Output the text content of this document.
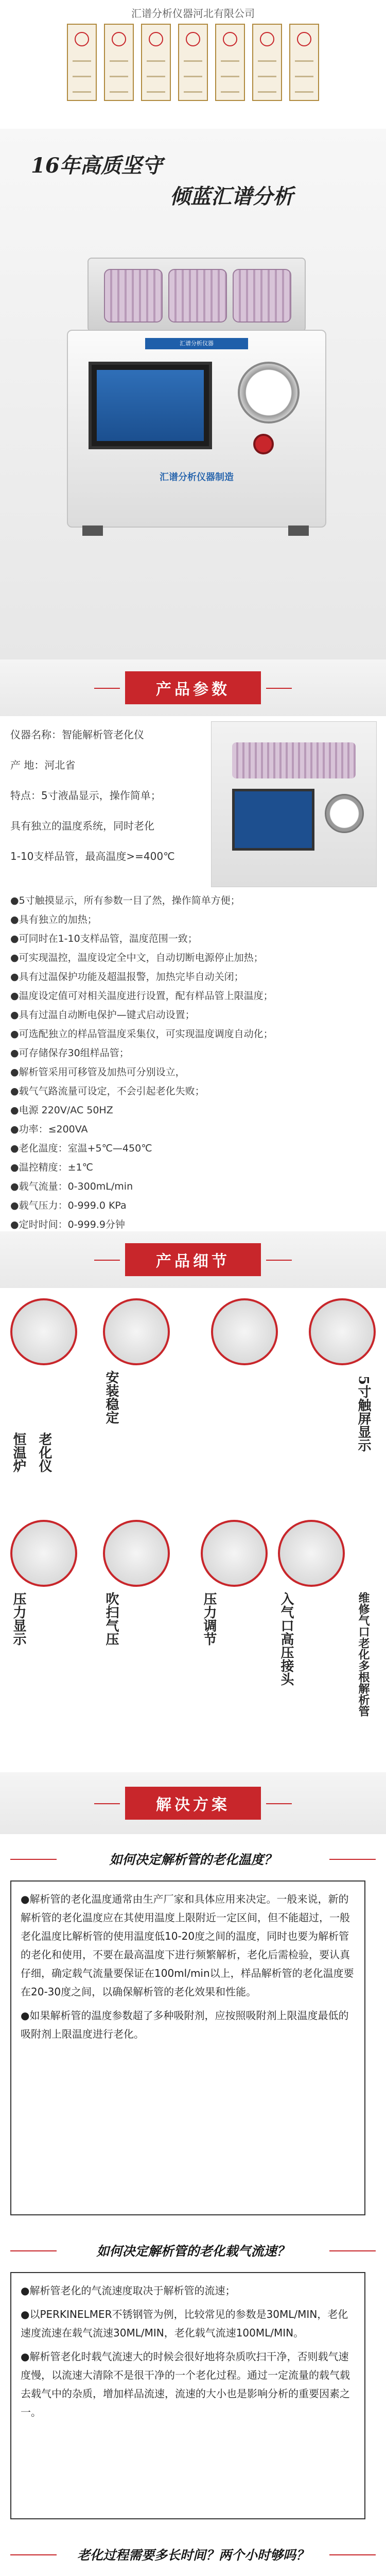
汇谱分析仪器河北有限公司
16年高质坚守
倾蓝汇谱分析
汇谱分析仪器
汇谱分析仪器制造
产品参数
仪器名称：智能解析管老化仪
产 地：河北省
特点：5寸液晶显示，操作简单；
具有独立的温度系统，同时老化
1-10支样品管，最高温度>=400℃
●5寸触摸显示，所有参数一目了然，操作简单方便；
●具有独立的加热；
●可同时在1-10支样品管，温度范围一致；
●可实现温控，温度设定全中文，自动切断电源停止加热；
●具有过温保护功能及超温报警，加热完毕自动关闭；
●温度设定值可对相关温度进行设置，配有样品管上限温度；
●具有过温自动断电保护—键式启动设置；
●可选配独立的样品管温度采集仪，可实现温度调度自动化；
●可存储保存30组样品管；
●解析管采用可移管及加热可分别设立，
●载气气路流量可设定，不会引起老化失败；
●电源 220V/AC 50HZ
●功率：≤200VA
●老化温度：室温+5℃—450℃
●温控精度：±1℃
●载气流量：0-300mL/min
●载气压力：0-999.0 KPa
●定时时间：0-999.9分钟
产品细节
安装稳定	5寸触屏显示
恒温炉 老化仪
压力显示	吹扫气压	压力调节	入气口高压接头	维修气口老化多根解析管
解决方案
如何决定解析管的老化温度？

●解析管的老化温度通常由生产厂家和具体应用来决定。一般来说，新的解析管的老化温度应在其使用温度上限附近一定区间，但不能超过，一般老化温度比解析管的使用温度低10-20度之间的温度，同时也要为解析管的老化和使用，不要在最高温度下进行频繁解析，老化后需检验，要认真仔细，确定载气流量要保证在100ml/min以上，样品解析管的老化温度要在20-30度之间，以确保解析管的老化效果和性能。

●如果解析管的温度参数超了多种吸附剂，应按照吸附剂上限温度最低的吸附剂上限温度进行老化。

如何决定解析管的老化载气流速？

●解析管老化的气流速度取决于解析管的流速；

●以PERKINELMER不锈钢管为例，比较常见的参数是30ML/MIN，老化速度流速在载气流速30ML/MIN，老化载气流速100ML/MIN。

●解析管老化时载气流速大的时候会很好地将杂质吹扫干净，否则载气速度慢，以流速大清除不是很干净的一个老化过程。通过一定流量的载气载去载气中的杂质，增加样品流速，流速的大小也是影响分析的重要因素之一。

老化过程需要多长时间？两个小时够吗？
